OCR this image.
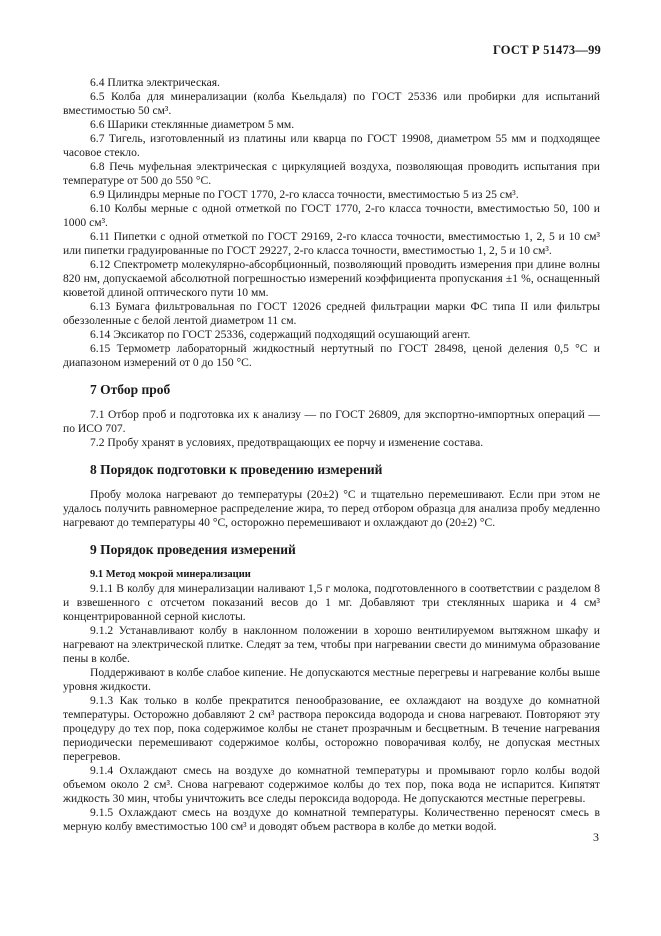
ГОСТ Р 51473—99

6.4 Плитка электрическая.

6.5 Колба для минерализации (колба Кьельдаля) по ГОСТ 25336 или пробирки для испытаний вместимостью 50 см³.

6.6 Шарики стеклянные диаметром 5 мм.

6.7 Тигель, изготовленный из платины или кварца по ГОСТ 19908, диаметром 55 мм и подходящее часовое стекло.

6.8 Печь муфельная электрическая с циркуляцией воздуха, позволяющая проводить испытания при температуре от 500 до 550 °С.

6.9 Цилиндры мерные по ГОСТ 1770, 2-го класса точности, вместимостью 5 из 25 см³.

6.10 Колбы мерные с одной отметкой по ГОСТ 1770, 2-го класса точности, вместимостью 50, 100 и 1000 см³.

6.11 Пипетки с одной отметкой по ГОСТ 29169, 2-го класса точности, вместимостью 1, 2, 5 и 10 см³ или пипетки градуированные по ГОСТ 29227, 2-го класса точности, вместимостью 1, 2, 5 и 10 см³.

6.12 Спектрометр молекулярно-абсорбционный, позволяющий проводить измерения при длине волны 820 нм, допускаемой абсолютной погрешностью измерений коэффициента пропускания ±1 %, оснащенный кюветой длиной оптического пути 10 мм.

6.13 Бумага фильтровальная по ГОСТ 12026 средней фильтрации марки ФС типа II или фильтры обеззоленные с белой лентой диаметром 11 см.

6.14 Эксикатор по ГОСТ 25336, содержащий подходящий осушающий агент.

6.15 Термометр лабораторный жидкостный нертутный по ГОСТ 28498, ценой деления 0,5 °С и диапазоном измерений от 0 до 150 °С.

7 Отбор проб

7.1 Отбор проб и подготовка их к анализу — по ГОСТ 26809, для экспортно-импортных операций — по ИСО 707.

7.2 Пробу хранят в условиях, предотвращающих ее порчу и изменение состава.

8 Порядок подготовки к проведению измерений

Пробу молока нагревают до температуры (20±2) °С и тщательно перемешивают. Если при этом не удалось получить равномерное распределение жира, то перед отбором образца для анализа пробу медленно нагревают до температуры 40 °С, осторожно перемешивают и охлаждают до (20±2) °С.

9 Порядок проведения измерений

9.1 Метод мокрой минерализации

9.1.1 В колбу для минерализации наливают 1,5 г молока, подготовленного в соответствии с разделом 8 и взвешенного с отсчетом показаний весов до 1 мг. Добавляют три стеклянных шарика и 4 см³ концентрированной серной кислоты.

9.1.2 Устанавливают колбу в наклонном положении в хорошо вентилируемом вытяжном шкафу и нагревают на электрической плитке. Следят за тем, чтобы при нагревании свести до минимума образование пены в колбе.

Поддерживают в колбе слабое кипение. Не допускаются местные перегревы и нагревание колбы выше уровня жидкости.

9.1.3 Как только в колбе прекратится пенообразование, ее охлаждают на воздухе до комнатной температуры. Осторожно добавляют 2 см³ раствора пероксида водорода и снова нагревают. Повторяют эту процедуру до тех пор, пока содержимое колбы не станет прозрачным и бесцветным. В течение нагревания периодически перемешивают содержимое колбы, осторожно поворачивая колбу, не допуская местных перегревов.

9.1.4 Охлаждают смесь на воздухе до комнатной температуры и промывают горло колбы водой объемом около 2 см³. Снова нагревают содержимое колбы до тех пор, пока вода не испарится. Кипятят жидкость 30 мин, чтобы уничтожить все следы пероксида водорода. Не допускаются местные перегревы.

9.1.5 Охлаждают смесь на воздухе до комнатной температуры. Количественно переносят смесь в мерную колбу вместимостью 100 см³ и доводят объем раствора в колбе до метки водой.

3
